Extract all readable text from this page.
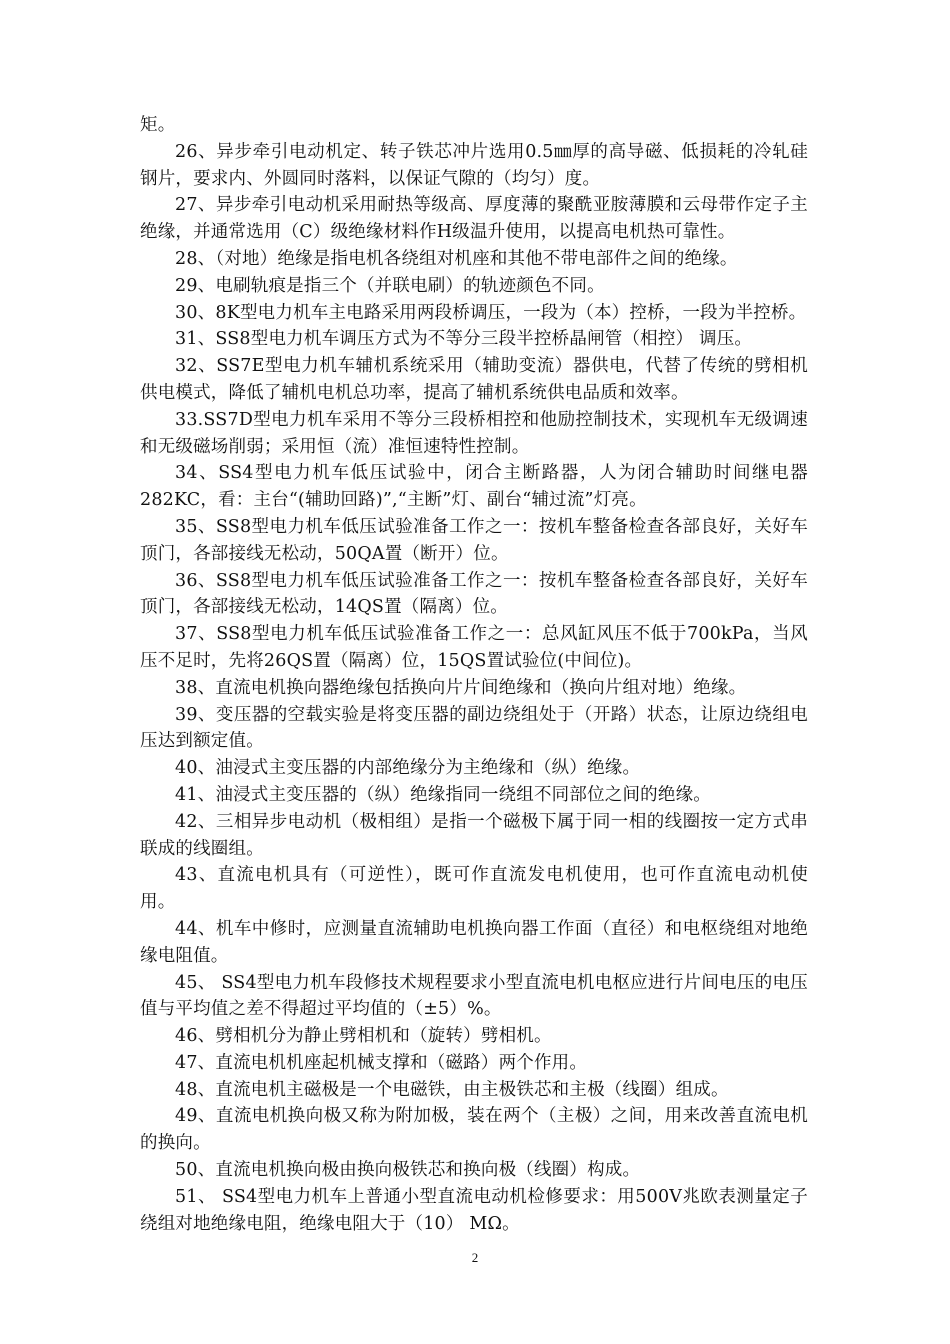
矩。

26、异步牵引电动机定、转子铁芯冲片选用0.5㎜厚的高导磁、低损耗的冷轧硅钢片，要求内、外圆同时落料，以保证气隙的（均匀）度。

27、异步牵引电动机采用耐热等级高、厚度薄的聚酰亚胺薄膜和云母带作定子主绝缘，并通常选用（C）级绝缘材料作H级温升使用，以提高电机热可靠性。

28、（对地）绝缘是指电机各绕组对机座和其他不带电部件之间的绝缘。

29、电刷轨痕是指三个（并联电刷）的轨迹颜色不同。

30、8K型电力机车主电路采用两段桥调压，一段为（本）控桥，一段为半控桥。

31、SS8型电力机车调压方式为不等分三段半控桥晶闸管（相控） 调压。

32、SS7E型电力机车辅机系统采用（辅助变流）器供电，代替了传统的劈相机供电模式，降低了辅机电机总功率，提高了辅机系统供电品质和效率。

33.SS7D型电力机车采用不等分三段桥相控和他励控制技术，实现机车无级调速和无级磁场削弱；采用恒（流）准恒速特性控制。

34、SS4型电力机车低压试验中，闭合主断路器，人为闭合辅助时间继电器282KC，看：主台“(辅助回路)”,“主断”灯、副台“辅过流”灯亮。

35、SS8型电力机车低压试验准备工作之一：按机车整备检查各部良好，关好车顶门，各部接线无松动，50QA置（断开）位。

36、SS8型电力机车低压试验准备工作之一：按机车整备检查各部良好，关好车顶门，各部接线无松动，14QS置（隔离）位。

37、SS8型电力机车低压试验准备工作之一：总风缸风压不低于700kPa，当风压不足时，先将26QS置（隔离）位，15QS置试验位(中间位)。

38、直流电机换向器绝缘包括换向片片间绝缘和（换向片组对地）绝缘。

39、变压器的空载实验是将变压器的副边绕组处于（开路）状态，让原边绕组电压达到额定值。

40、油浸式主变压器的内部绝缘分为主绝缘和（纵）绝缘。

41、油浸式主变压器的（纵）绝缘指同一绕组不同部位之间的绝缘。

42、三相异步电动机（极相组）是指一个磁极下属于同一相的线圈按一定方式串联成的线圈组。

43、直流电机具有（可逆性），既可作直流发电机使用，也可作直流电动机使用。

44、机车中修时，应测量直流辅助电机换向器工作面（直径）和电枢绕组对地绝缘电阻值。

45、 SS4型电力机车段修技术规程要求小型直流电机电枢应进行片间电压的电压值与平均值之差不得超过平均值的（±5）%。

46、劈相机分为静止劈相机和（旋转）劈相机。

47、直流电机机座起机械支撑和（磁路）两个作用。

48、直流电机主磁极是一个电磁铁，由主极铁芯和主极（线圈）组成。

49、直流电机换向极又称为附加极，装在两个（主极）之间，用来改善直流电机的换向。

50、直流电机换向极由换向极铁芯和换向极（线圈）构成。

51、 SS4型电力机车上普通小型直流电动机检修要求：用500V兆欧表测量定子绕组对地绝缘电阻，绝缘电阻大于（10） MΩ。

2
